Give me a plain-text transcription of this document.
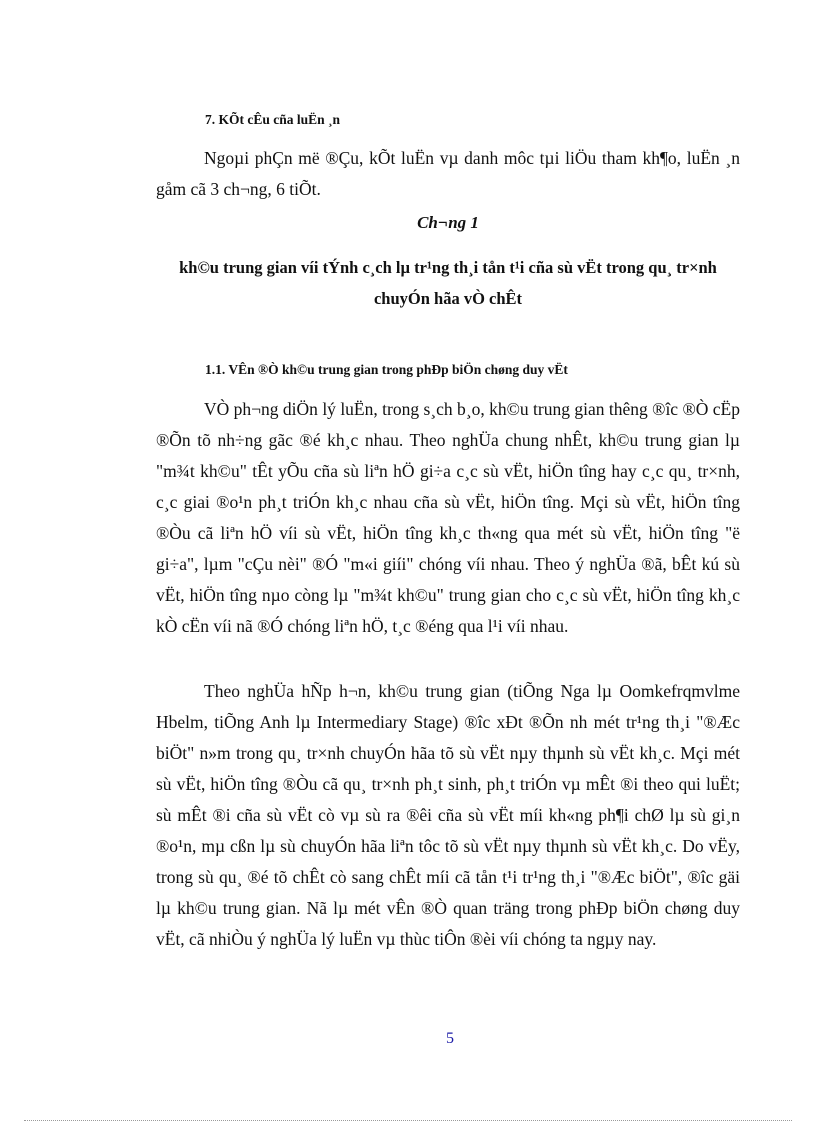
7. KÕt cÊu cña luËn ¸n

Ngoµi phÇn më ®Çu, kÕt luËn vµ danh môc tµi liÖu tham kh¶o, luËn ¸n gåm cã 3 ch¬ng, 6 tiÕt.

Ch¬ng 1

kh©u trung gian víi tÝnh c¸ch lµ tr¹ng th¸i tån t¹i cña sù vËt trong qu¸ tr×nh chuyÓn hãa vÒ chÊt

1.1. VÊn ®Ò kh©u trung gian trong phÐp biÖn chøng duy vËt

VÒ ph¬ng diÖn lý luËn, trong s¸ch b¸o, kh©u trung gian thêng ®îc ®Ò cËp ®Õn tõ nh÷ng gãc ®é kh¸c nhau. Theo nghÜa chung nhÊt, kh©u trung gian lµ "m¾t kh©u" tÊt yÕu cña sù liªn hÖ gi÷a c¸c sù vËt, hiÖn tîng hay c¸c qu¸ tr×nh, c¸c giai ®o¹n ph¸t triÓn kh¸c nhau cña sù vËt, hiÖn tîng. Mçi sù vËt, hiÖn tîng ®Òu cã liªn hÖ víi sù vËt, hiÖn tîng kh¸c th«ng qua mét sù vËt, hiÖn tîng "ë gi÷a", lµm "cÇu nèi" ®Ó "m«i giíi" chóng víi nhau. Theo ý nghÜa ®ã, bÊt kú sù vËt, hiÖn tîng nµo còng lµ "m¾t kh©u" trung gian cho c¸c sù vËt, hiÖn tîng kh¸c kÒ cËn víi nã ®Ó chóng liªn hÖ, t¸c ®éng qua l¹i víi nhau.

Theo nghÜa hÑp h¬n, kh©u trung gian (tiÕng Nga lµ Oomkefrqmvlme Hbelm, tiÕng Anh lµ Intermediary Stage) ®îc xÐt ®Õn nh mét tr¹ng th¸i "®Æc biÖt" n»m trong qu¸ tr×nh chuyÓn hãa tõ sù vËt nµy thµnh sù vËt kh¸c. Mçi mét sù vËt, hiÖn tîng ®Òu cã qu¸ tr×nh ph¸t sinh, ph¸t triÓn vµ mÊt ®i theo qui luËt; sù mÊt ®i cña sù vËt cò vµ sù ra ®êi cña sù vËt míi kh«ng ph¶i chØ lµ sù gi¸n ®o¹n, mµ cßn lµ sù chuyÓn hãa liªn tôc tõ sù vËt nµy thµnh sù vËt kh¸c. Do vËy, trong sù qu¸ ®é tõ chÊt cò sang chÊt míi cã tån t¹i tr¹ng th¸i "®Æc biÖt", ®îc gäi lµ kh©u trung gian. Nã lµ mét vÊn ®Ò quan träng trong phÐp biÖn chøng duy vËt, cã nhiÒu ý nghÜa lý luËn vµ thùc tiÔn ®èi víi chóng ta ngµy nay.

5
